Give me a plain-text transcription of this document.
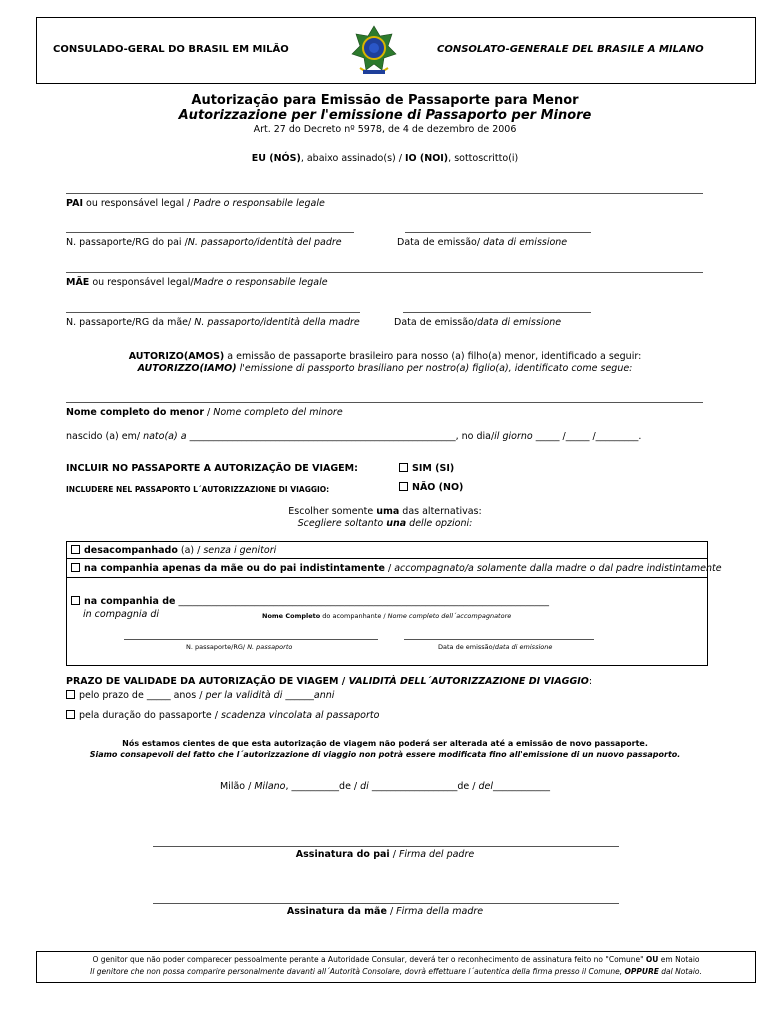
CONSULADO-GERAL DO BRASIL EM MILÃO	CONSOLATO-GENERALE DEL BRASILE A MILANO
Autorização para Emissão de Passaporte para Menor
Autorizzazione per l'emissione di Passaporto per Minore
Art. 27 do Decreto nº 5978, de 4 de dezembro de 2006
EU (NÓS), abaixo assinado(s) / IO (NOI), sottoscritto(i)
PAI ou responsável legal / Padre o responsabile legale
N. passaporte/RG do pai /N. passaporto/identità del padre	Data de emissão/ data di emissione
MÃE ou responsável legal/Madre o responsabile legale
N. passaporte/RG da mãe/ N. passaporto/identità della madre	Data de emissão/data di emissione
AUTORIZO(AMOS) a emissão de passaporte brasileiro para nosso (a) filho(a) menor, identificado a seguir:
AUTORIZZO(IAMO) l'emissione di passporto brasiliano per nostro(a) figlio(a), identificato come segue:
Nome completo do menor / Nome completo del minore
nascido (a) em/ nato(a) a ________________________________________________________, no dia/il giorno _____ /_____ /_________.
INCLUIR NO PASSAPORTE A AUTORIZAÇÃO DE VIAGEM:
INCLUDERE NEL PASSAPORTO L´AUTORIZZAZIONE DI VIAGGIO:
SIM (SI)
NÃO (NO)
Escolher somente uma das alternativas:
Scegliere soltanto una delle opzioni:
desacompanhado (a) / senza i genitori
na companhia apenas da mãe ou do pai indistintamente / accompagnato/a solamente dalla madre o dal padre indistintamente
na companhia de ______________________________________________________________________________
in compagnia di	Nome Completo do acompanhante / Nome completo dell´accompagnatore
N. passaporte/RG/ N. passaporto	Data de emissão/data di emissione
PRAZO DE VALIDADE DA AUTORIZAÇÃO DE VIAGEM / VALIDITÀ DELL´AUTORIZZAZIONE DI VIAGGIO:
pelo prazo de _____ anos / per la validità di ______anni
pela duração do passaporte / scadenza vincolata al passaporto
Nós estamos cientes de que esta autorização de viagem não poderá ser alterada até a emissão de novo passaporte.
Siamo consapevoli del fatto che l´autorizzazione di viaggio non potrà essere modificata fino all'emissione di un nuovo passaporto.
Milão / Milano, __________de / di __________________de / del____________
Assinatura do pai / Firma del padre
Assinatura da mãe / Firma della madre
O genitor que não poder comparecer pessoalmente perante a Autoridade Consular, deverá ter o reconhecimento de assinatura feito no "Comune" OU em Notaio
Il genitore che non possa comparire personalmente davanti all´Autorità Consolare, dovrà effettuare l´autentica della firma presso il Comune, OPPURE dal Notaio.
